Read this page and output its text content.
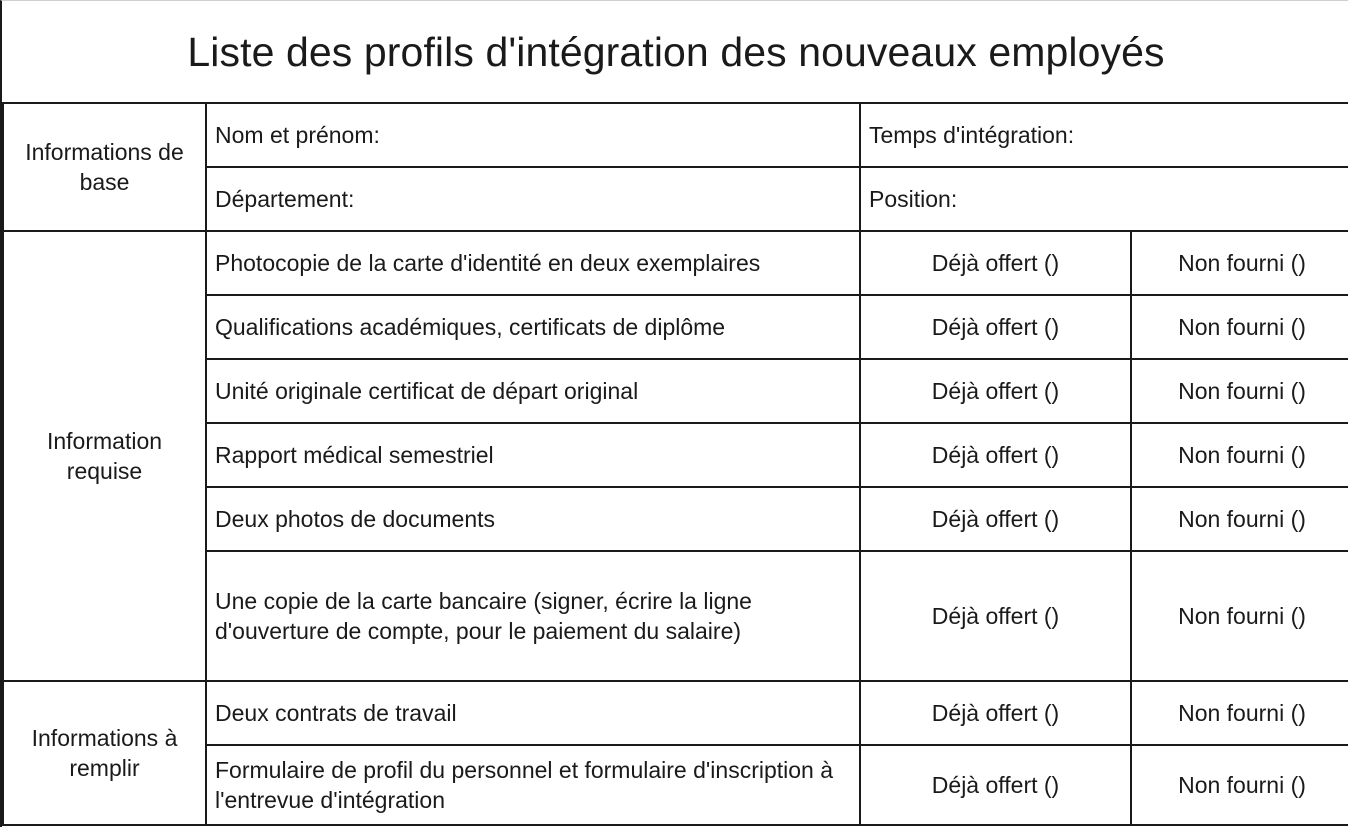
Liste des profils d'intégration des nouveaux employés
Informations de base	Nom et prénom:	Temps d'intégration:	
	Département:	Position:	
Information requise	Photocopie de la carte d'identité en deux exemplaires	Déjà offert ()	Non fourni ()
	Qualifications académiques, certificats de diplôme	Déjà offert ()	Non fourni ()
	Unité originale certificat de départ original	Déjà offert ()	Non fourni ()
	Rapport médical semestriel	Déjà offert ()	Non fourni ()
	Deux photos de documents	Déjà offert ()	Non fourni ()
	Une copie de la carte bancaire (signer, écrire la ligne d'ouverture de compte, pour le paiement du salaire)	Déjà offert ()	Non fourni ()
Informations à remplir	Deux contrats de travail	Déjà offert ()	Non fourni ()
	Formulaire de profil du personnel et formulaire d'inscription à l'entrevue d'intégration	Déjà offert ()	Non fourni ()
